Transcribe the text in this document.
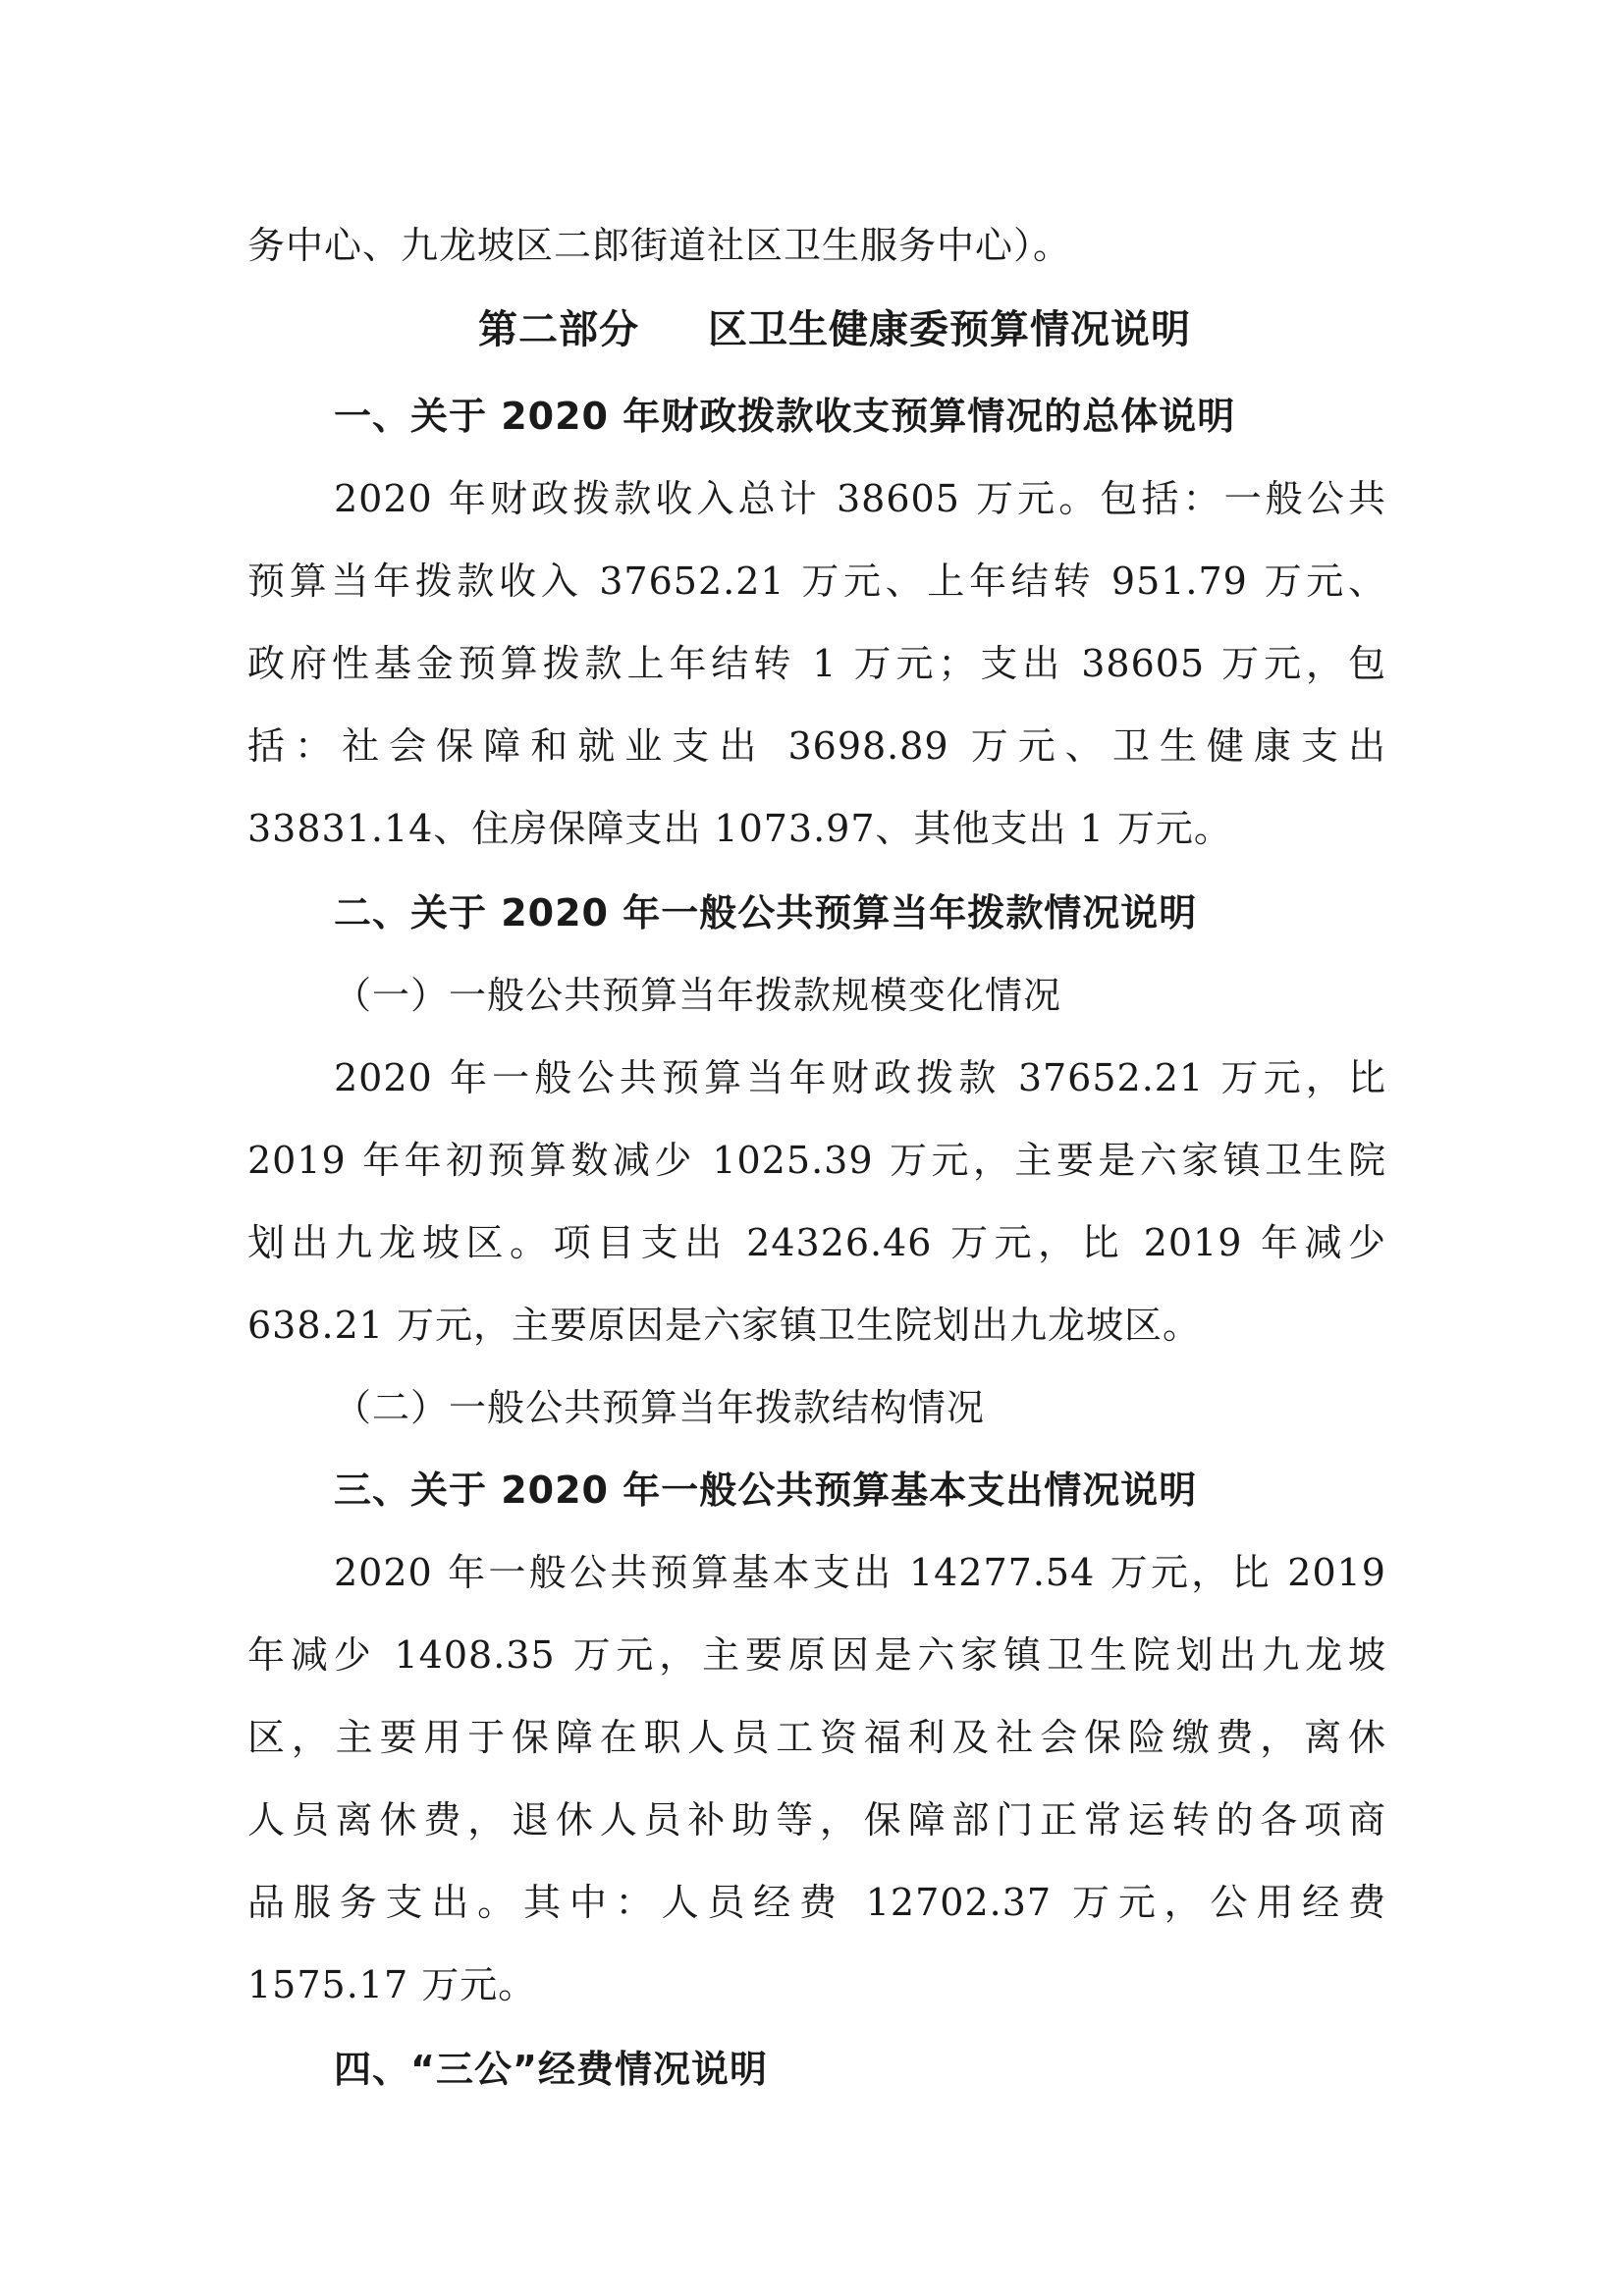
务中心、九龙坡区二郎街道社区卫生服务中心）。
第二部分 区卫生健康委预算情况说明
一、关于 2020 年财政拨款收支预算情况的总体说明
2020 年财政拨款收入总计 38605 万元。包括：一般公共
预算当年拨款收入 37652.21 万元、上年结转 951.79 万元、
政府性基金预算拨款上年结转 1 万元；支出 38605 万元，包
括：社会保障和就业支出 3698.89 万元、卫生健康支出
33831.14、住房保障支出 1073.97、其他支出 1 万元。
二、关于 2020 年一般公共预算当年拨款情况说明
（一）一般公共预算当年拨款规模变化情况
2020 年一般公共预算当年财政拨款 37652.21 万元，比
2019 年年初预算数减少 1025.39 万元，主要是六家镇卫生院
划出九龙坡区。项目支出 24326.46 万元，比 2019 年减少
638.21 万元，主要原因是六家镇卫生院划出九龙坡区。
（二）一般公共预算当年拨款结构情况
三、关于 2020 年一般公共预算基本支出情况说明
2020 年一般公共预算基本支出 14277.54 万元，比 2019
年减少 1408.35 万元，主要原因是六家镇卫生院划出九龙坡
区，主要用于保障在职人员工资福利及社会保险缴费，离休
人员离休费，退休人员补助等，保障部门正常运转的各项商
品服务支出。其中：人员经费 12702.37 万元，公用经费
1575.17 万元。
四、“三公”经费情况说明
